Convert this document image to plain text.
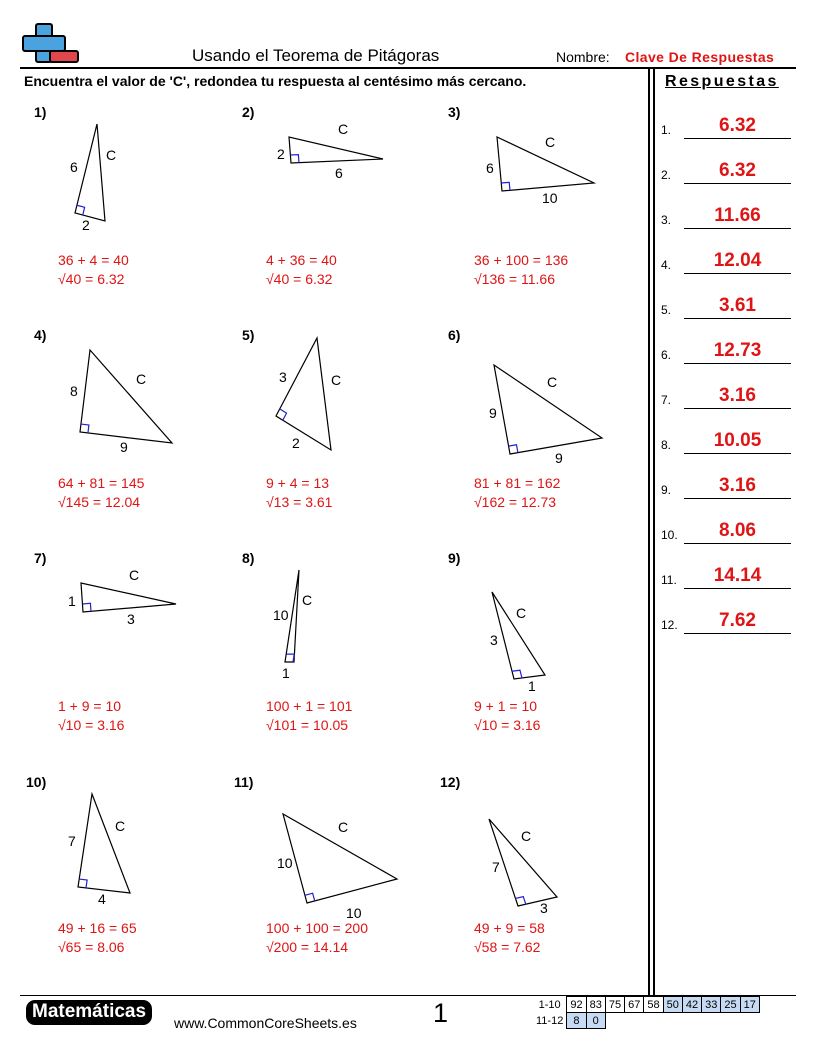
Usando el Teorema de Pitágoras	Nombre: Clave De Respuestas
Encuentra el valor de 'C', redondea tu respuesta al centésimo más cercano.	Respuestas
1.	6.32
2.	6.32
3.	11.66
4.	12.04
5.	3.61
6.	12.73
7.	3.16
8.	10.05
9.	3.16
10.	8.06
11.	14.14
12.	7.62
1)
36 + 4 = 40
√40 = 6.32
6
2
C
2)
4 + 36 = 40
√40 = 6.32
2
6
C
3)
36 + 100 = 136
√136 = 11.66
6
10
C
4)
64 + 81 = 145
√145 = 12.04
8
9
C
5)
9 + 4 = 13
√13 = 3.61
3
2
C
6)
81 + 81 = 162
√162 = 12.73
9
9
C
7)
1 + 9 = 10
√10 = 3.16
1
3
C
8)
100 + 1 = 101
√101 = 10.05
10
1
C
9)
9 + 1 = 10
√10 = 3.16
3
1
C
10)
49 + 16 = 65
√65 = 8.06
7
4
C
11)
100 + 100 = 200
√200 = 14.14
10
10
C
12)
49 + 9 = 58
√58 = 7.62
7
3
C
Matemáticas
www.CommonCoreSheets.es	1	1-10	92	83	75	67	58	50	42	33	25	17
11-12	8	0								
